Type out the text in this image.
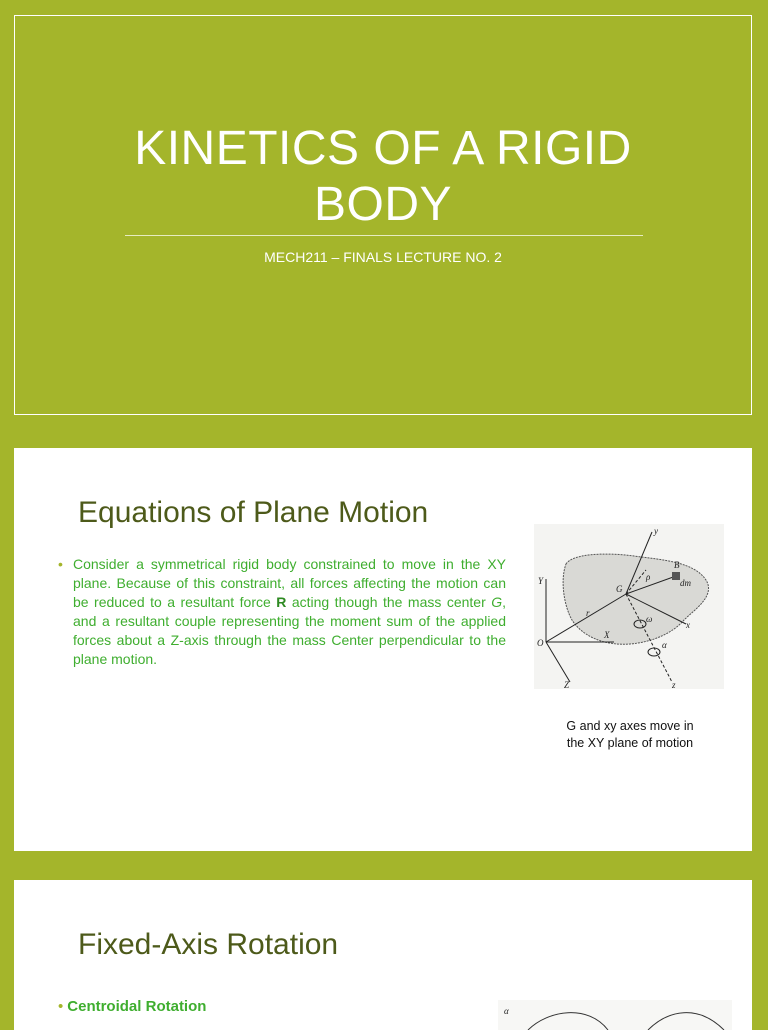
KINETICS OF A RIGID
BODY
MECH211 – FINALS LECTURE NO. 2
Equations of Plane Motion
• Consider a symmetrical rigid body constrained to move in the XY plane. Because of this constraint, all forces affecting the motion can be reduced to a resultant force R acting though the mass center G, and a resultant couple representing the moment sum of the applied forces about a Z-axis through the mass Center perpendicular to the plane motion.
Y
X
Z
O
G
y
x
z
B
dm
ρ
r
α
ω
G and xy axes move in
the XY plane of motion
Fixed-Axis Rotation
• Centroidal Rotation	α
